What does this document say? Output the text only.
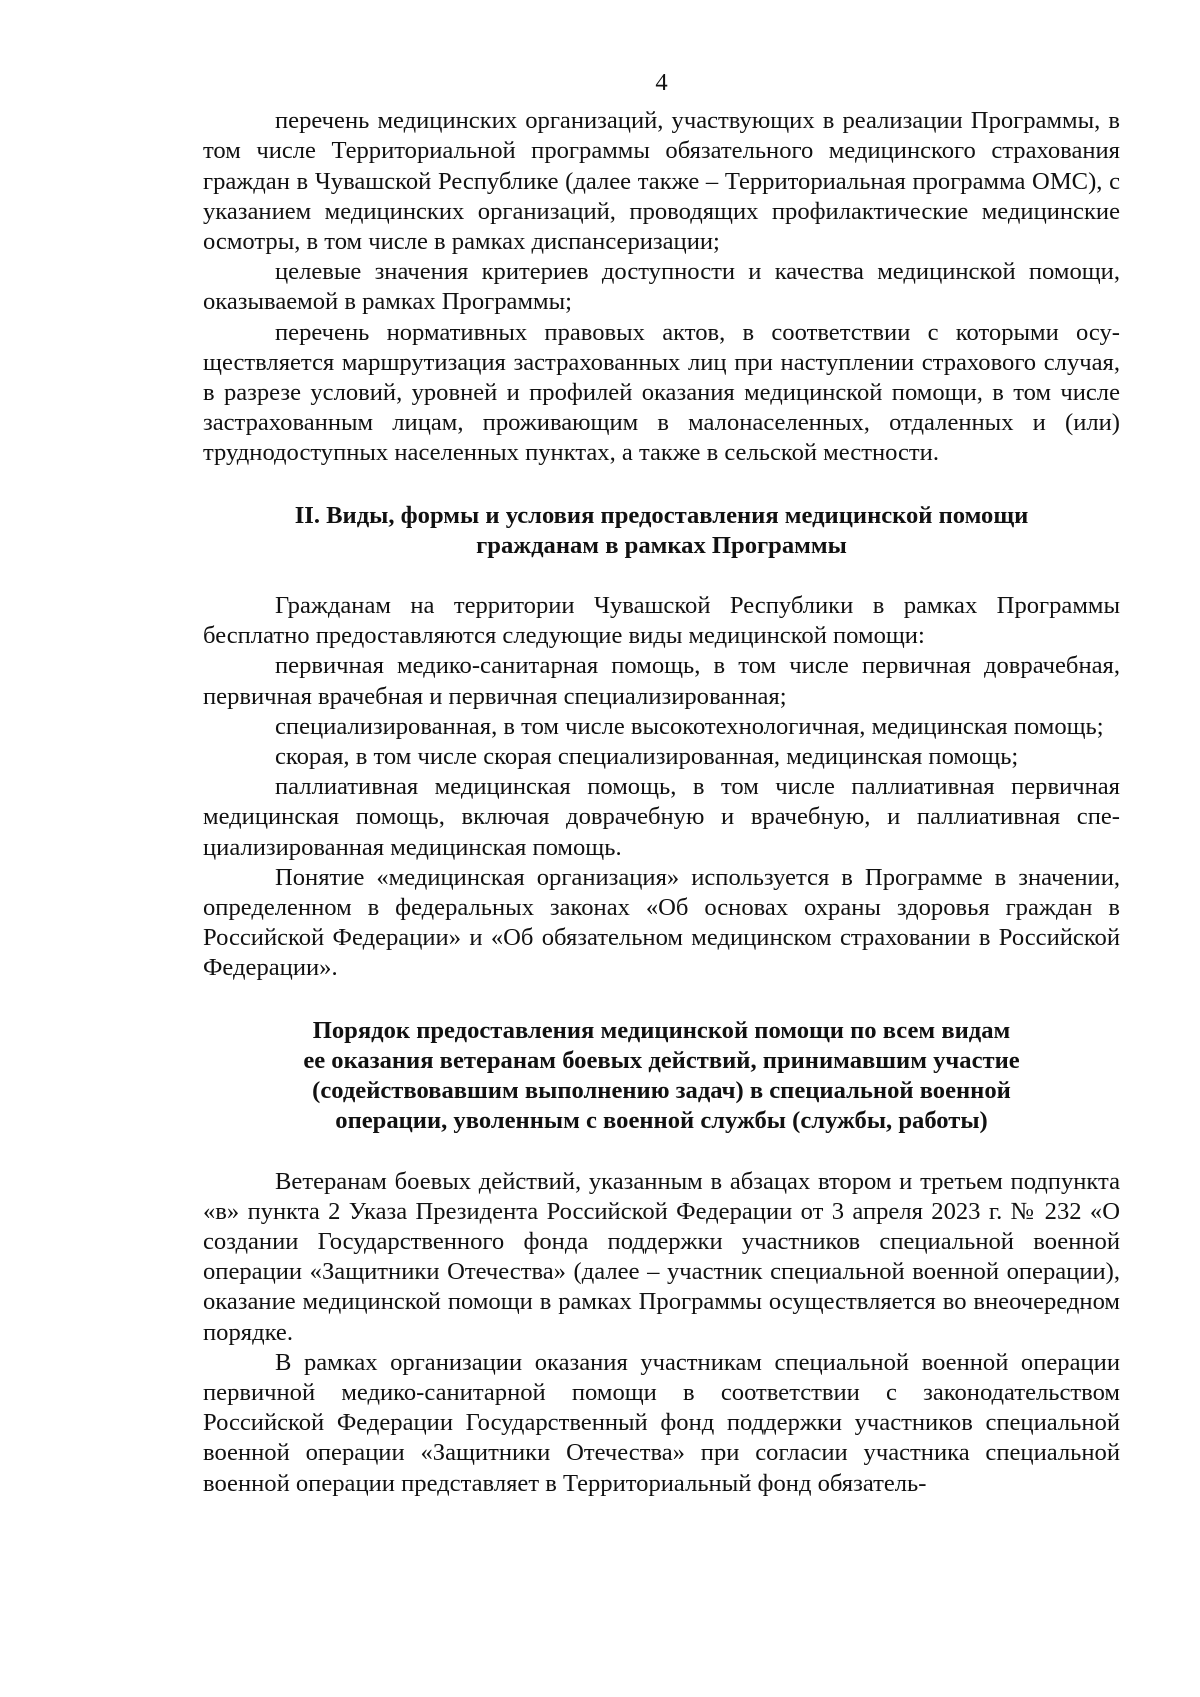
4

перечень медицинских организаций, участвующих в реализации Программы, в том числе Территориальной программы обязательного медицинского страхования граждан в Чувашской Республике (далее также – Территориальная программа ОМС), с указанием медицинских организаций, проводящих профилактические медицинские осмотры, в том числе в рамках диспансеризации;

целевые значения критериев доступности и качества медицинской помощи, оказываемой в рамках Программы;

перечень нормативных правовых актов, в соответствии с которыми осуществляется маршрутизация застрахованных лиц при наступлении страхового случая, в разрезе условий, уровней и профилей оказания медицинской помощи, в том числе застрахованным лицам, проживающим в малонаселенных, отдаленных и (или) труднодоступных населенных пунктах, а также в сельской местности.

II. Виды, формы и условия предоставления медицинской помощи
гражданам в рамках Программы

Гражданам на территории Чувашской Республики в рамках Программы бесплатно предоставляются следующие виды медицинской помощи:

первичная медико-санитарная помощь, в том числе первичная доврачебная, первичная врачебная и первичная специализированная;

специализированная, в том числе высокотехнологичная, медицинская помощь;

скорая, в том числе скорая специализированная, медицинская помощь;

паллиативная медицинская помощь, в том числе паллиативная первичная медицинская помощь, включая доврачебную и врачебную, и паллиативная специализированная медицинская помощь.

Понятие «медицинская организация» используется в Программе в значении, определенном в федеральных законах «Об основах охраны здоровья граждан в Российской Федерации» и «Об обязательном медицинском страховании в Российской Федерации».

Порядок предоставления медицинской помощи по всем видам
ее оказания ветеранам боевых действий, принимавшим участие
(содействовавшим выполнению задач) в специальной военной
операции, уволенным с военной службы (службы, работы)

Ветеранам боевых действий, указанным в абзацах втором и третьем подпункта «в» пункта 2 Указа Президента Российской Федерации от 3 апреля 2023 г. № 232 «О создании Государственного фонда поддержки участников специальной военной операции «Защитники Отечества» (далее – участник специальной военной операции), оказание медицинской помощи в рамках Программы осуществляется во внеочередном порядке.

В рамках организации оказания участникам специальной военной операции первичной медико-санитарной помощи в соответствии с законодательством Российской Федерации Государственный фонд поддержки участников специальной военной операции «Защитники Отечества» при согласии участника специальной военной операции представляет в Территориальный фонд обязатель-
